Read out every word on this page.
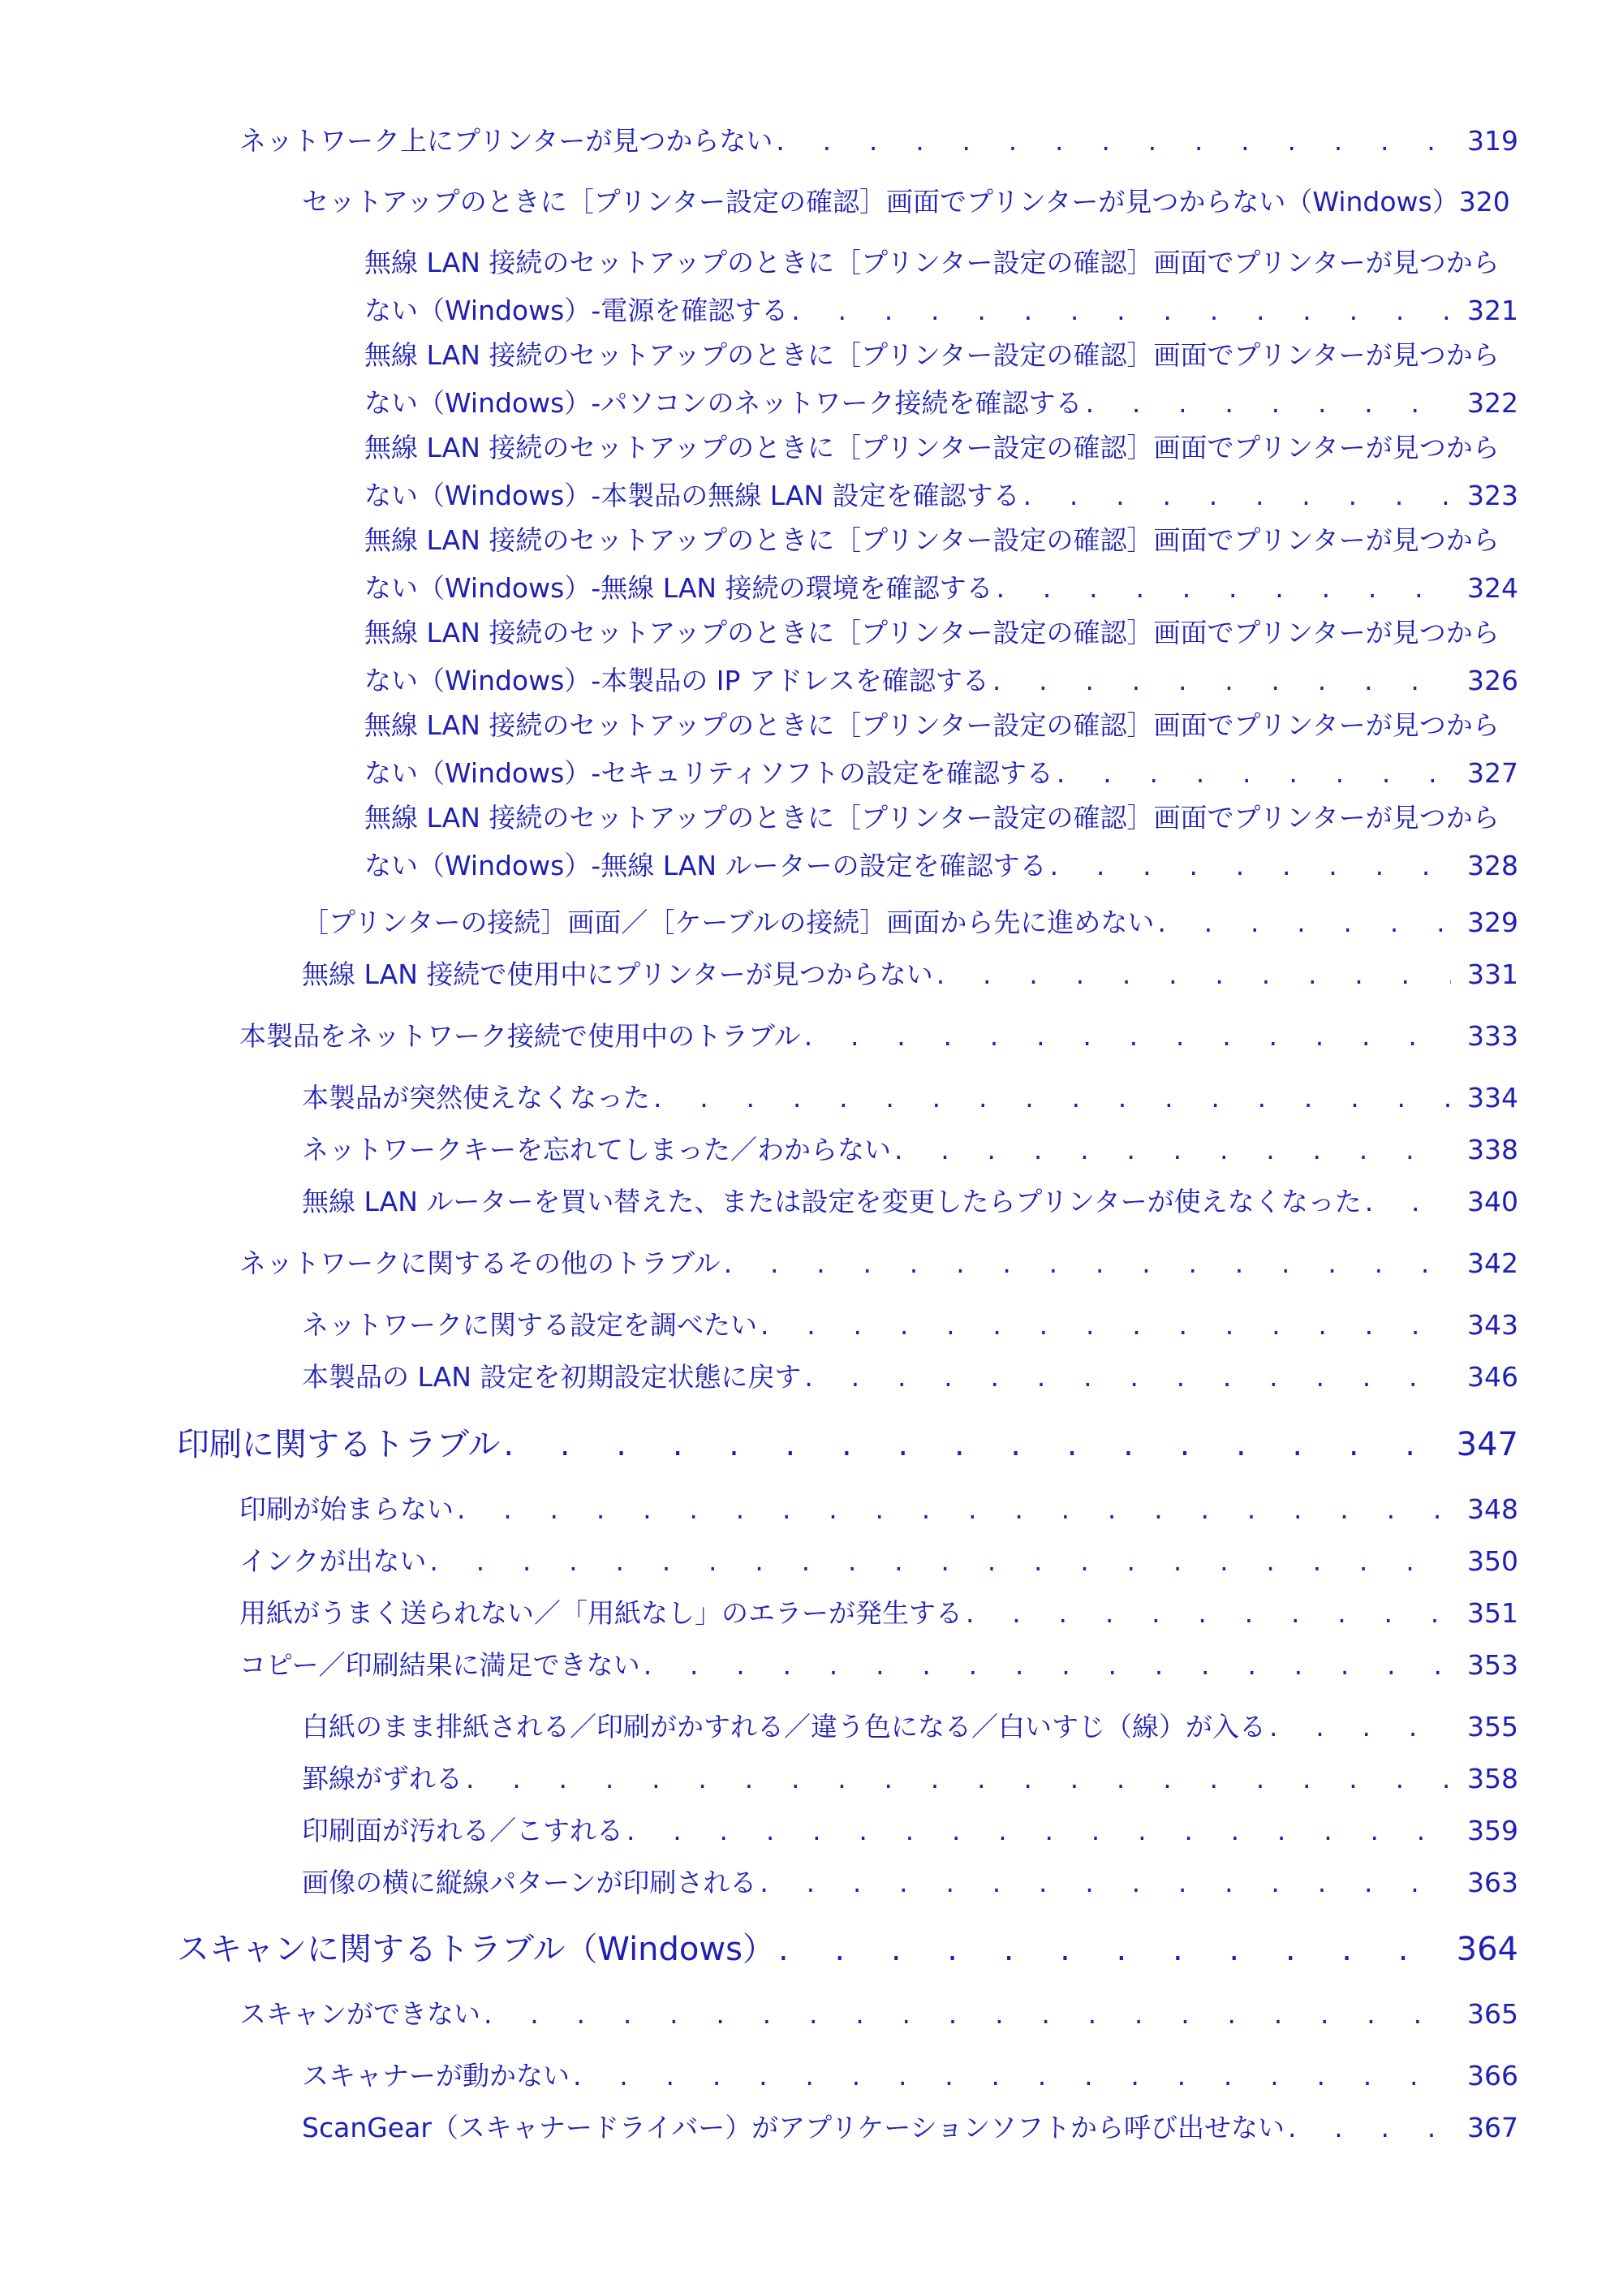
ネットワーク上にプリンターが見つからない . . .	319
セットアップのときに［プリンター設定の確認］画面でプリンターが見つからない（Windows） 320
無線 LAN 接続のセットアップのときに［プリンター設定の確認］画面でプリンターが見つから
ない（Windows）-電源を確認する . . .	321
無線 LAN 接続のセットアップのときに［プリンター設定の確認］画面でプリンターが見つから
ない（Windows）-パソコンのネットワーク接続を確認する . . .	322
無線 LAN 接続のセットアップのときに［プリンター設定の確認］画面でプリンターが見つから
ない（Windows）-本製品の無線 LAN 設定を確認する . . .	323
無線 LAN 接続のセットアップのときに［プリンター設定の確認］画面でプリンターが見つから
ない（Windows）-無線 LAN 接続の環境を確認する . . .	324
無線 LAN 接続のセットアップのときに［プリンター設定の確認］画面でプリンターが見つから
ない（Windows）-本製品の IP アドレスを確認する . . .	326
無線 LAN 接続のセットアップのときに［プリンター設定の確認］画面でプリンターが見つから
ない（Windows）-セキュリティソフトの設定を確認する . . .	327
無線 LAN 接続のセットアップのときに［プリンター設定の確認］画面でプリンターが見つから
ない（Windows）-無線 LAN ルーターの設定を確認する . . .	328
［プリンターの接続］画面／［ケーブルの接続］画面から先に進めない . . .	329
無線 LAN 接続で使用中にプリンターが見つからない . . .	331
本製品をネットワーク接続で使用中のトラブル . . .	333
本製品が突然使えなくなった . . .	334
ネットワークキーを忘れてしまった／わからない . . .	338
無線 LAN ルーターを買い替えた、または設定を変更したらプリンターが使えなくなった . . .	340
ネットワークに関するその他のトラブル . . .	342
ネットワークに関する設定を調べたい . . .	343
本製品の LAN 設定を初期設定状態に戻す . . .	346
印刷に関するトラブル . . .	347
印刷が始まらない . . .	348
インクが出ない . . .	350
用紙がうまく送られない／「用紙なし」のエラーが発生する . . .	351
コピー／印刷結果に満足できない . . .	353
白紙のまま排紙される／印刷がかすれる／違う色になる／白いすじ（線）が入る . . .	355
罫線がずれる . . .	358
印刷面が汚れる／こすれる . . .	359
画像の横に縦線パターンが印刷される . . .	363
スキャンに関するトラブル（Windows） . . .	364
スキャンができない . . .	365
スキャナーが動かない . . .	366
ScanGear（スキャナードライバー）がアプリケーションソフトから呼び出せない . . .	367
